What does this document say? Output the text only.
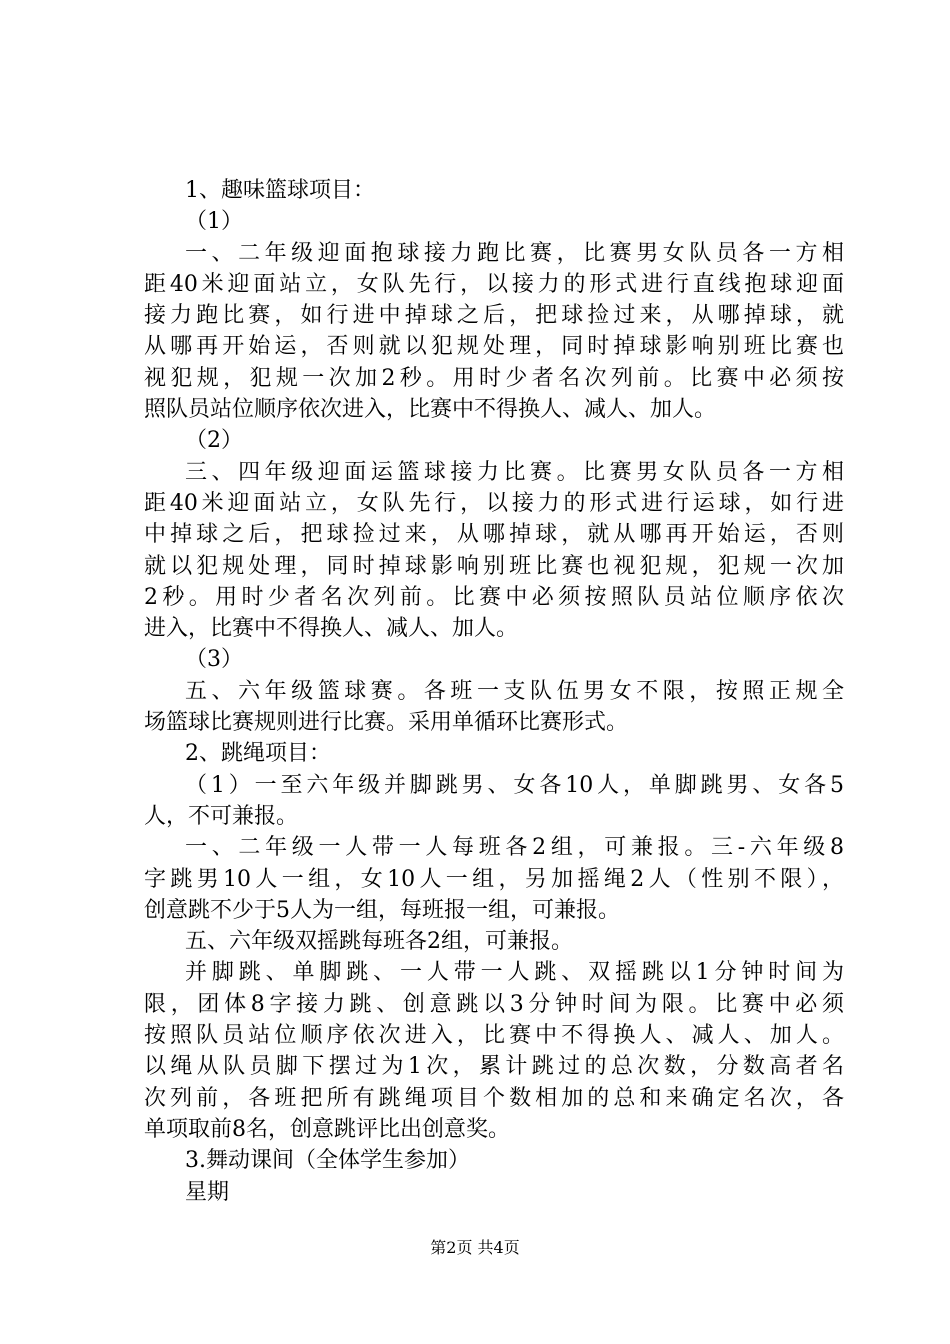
1、趣味篮球项目：

（1）

一、二年级迎面抱球接力跑比赛，比赛男女队员各一方相

距40米迎面站立，女队先行，以接力的形式进行直线抱球迎面

接力跑比赛，如行进中掉球之后，把球捡过来，从哪掉球，就

从哪再开始运，否则就以犯规处理，同时掉球影响别班比赛也

视犯规，犯规一次加2秒。用时少者名次列前。比赛中必须按

照队员站位顺序依次进入，比赛中不得换人、减人、加人。

（2）

三、四年级迎面运篮球接力比赛。比赛男女队员各一方相

距40米迎面站立，女队先行，以接力的形式进行运球，如行进

中掉球之后，把球捡过来，从哪掉球，就从哪再开始运，否则

就以犯规处理，同时掉球影响别班比赛也视犯规，犯规一次加

2秒。用时少者名次列前。比赛中必须按照队员站位顺序依次

进入，比赛中不得换人、减人、加人。

（3）

五、六年级篮球赛。各班一支队伍男女不限，按照正规全

场篮球比赛规则进行比赛。采用单循环比赛形式。

2、跳绳项目：

（1）一至六年级并脚跳男、女各10人，单脚跳男、女各5

人，不可兼报。

一、二年级一人带一人每班各2组，可兼报。三-六年级8

字跳男10人一组，女10人一组，另加摇绳2人（性别不限），

创意跳不少于5人为一组，每班报一组，可兼报。

五、六年级双摇跳每班各2组，可兼报。

并脚跳、单脚跳、一人带一人跳、双摇跳以1分钟时间为

限，团体8字接力跳、创意跳以3分钟时间为限。比赛中必须

按照队员站位顺序依次进入，比赛中不得换人、减人、加人。

以绳从队员脚下摆过为1次，累计跳过的总次数，分数高者名

次列前，各班把所有跳绳项目个数相加的总和来确定名次，各

单项取前8名，创意跳评比出创意奖。

3.舞动课间（全体学生参加）

星期

第2页 共4页
